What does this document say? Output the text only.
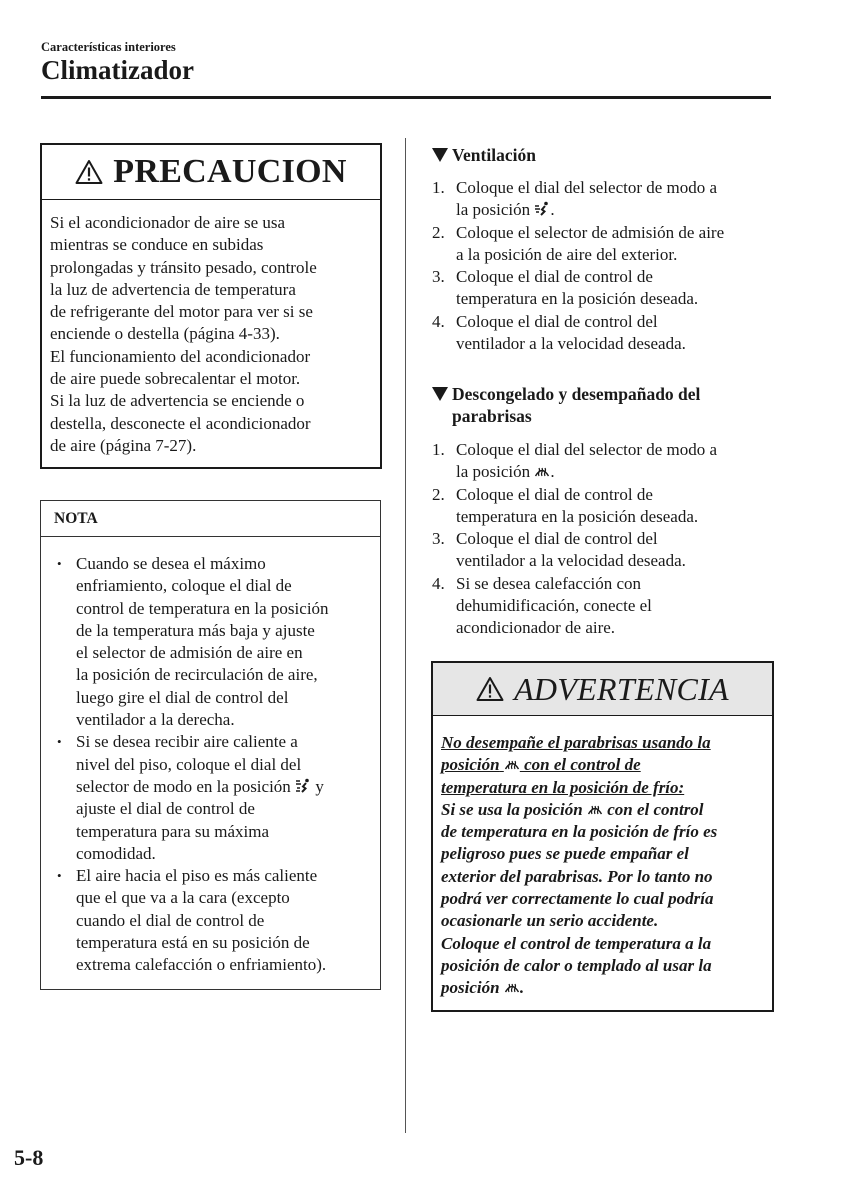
Características interiores
Climatizador
PRECAUCION
Si el acondicionador de aire se usa
mientras se conduce en subidas
prolongadas y tránsito pesado, controle
la luz de advertencia de temperatura
de refrigerante del motor para ver si se
enciende o destella (página 4-33).
El funcionamiento del acondicionador
de aire puede sobrecalentar el motor.
Si la luz de advertencia se enciende o
destella, desconecte el acondicionador
de aire (página 7-27).
NOTA
• Cuando se desea el máximo
enfriamiento, coloque el dial de
control de temperatura en la posición
de la temperatura más baja y ajuste
el selector de admisión de aire en
la posición de recirculación de aire,
luego gire el dial de control del
ventilador a la derecha.
• Si se desea recibir aire caliente a
nivel del piso, coloque el dial del
selector de modo en la posición  y
ajuste el dial de control de
temperatura para su máxima
comodidad.
• El aire hacia el piso es más caliente
que el que va a la cara (excepto
cuando el dial de control de
temperatura está en su posición de
extrema calefacción o enfriamiento).
Ventilación
1. Coloque el dial del selector de modo a
la posición .
2. Coloque el selector de admisión de aire
a la posición de aire del exterior.
3. Coloque el dial de control de
temperatura en la posición deseada.
4. Coloque el dial de control del
ventilador a la velocidad deseada.
Descongelado y desempañado del
parabrisas
1. Coloque el dial del selector de modo a
la posición .
2. Coloque el dial de control de
temperatura en la posición deseada.
3. Coloque el dial de control del
ventilador a la velocidad deseada.
4. Si se desea calefacción con
dehumidificación, conecte el
acondicionador de aire.
ADVERTENCIA
No desempañe el parabrisas usando la
posición  con el control de
temperatura en la posición de frío:
Si se usa la posición  con el control
de temperatura en la posición de frío es
peligroso pues se puede empañar el
exterior del parabrisas. Por lo tanto no
podrá ver correctamente lo cual podría
ocasionarle un serio accidente.
Coloque el control de temperatura a la
posición de calor o templado al usar la
posición .
5-8
